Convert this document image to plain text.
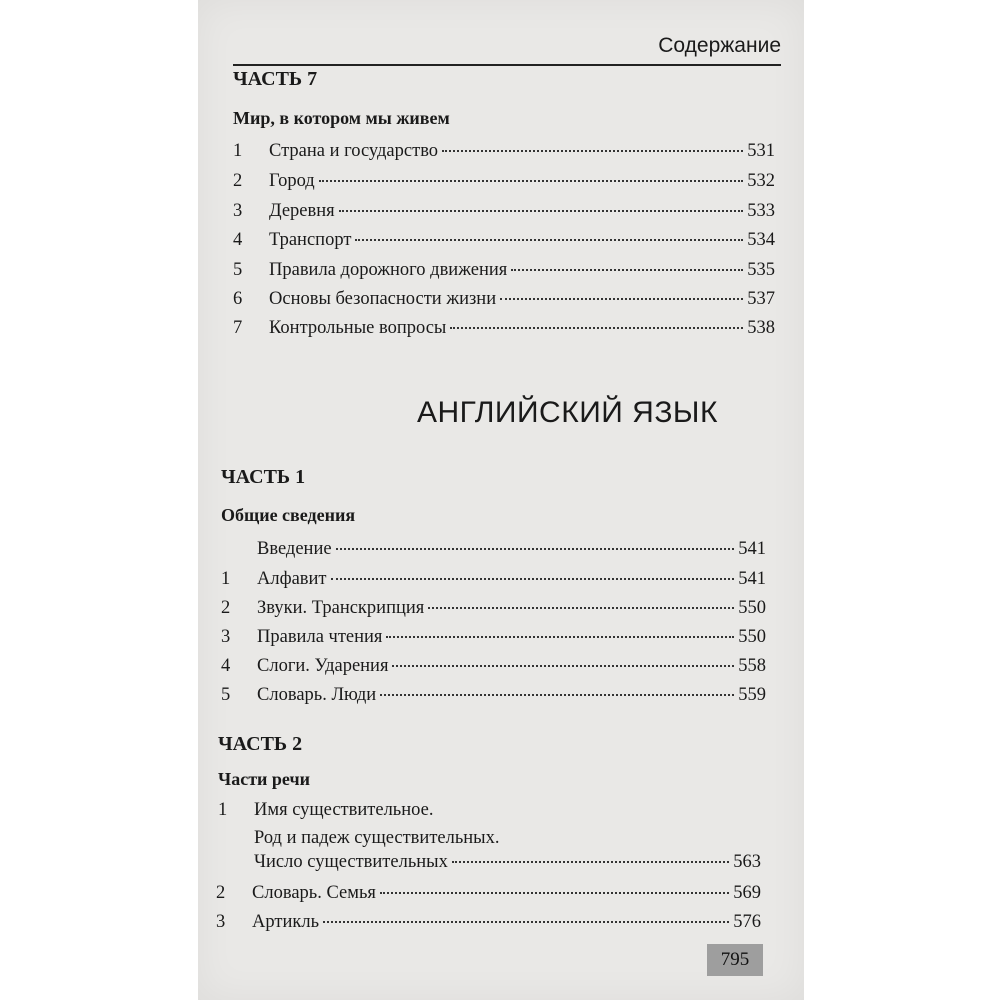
Содержание
ЧАСТЬ 7
Мир, в котором мы живем
1	Страна и государство	531
2	Город	532
3	Деревня	533
4	Транспорт	534
5	Правила дорожного движения	535
6	Основы безопасности жизни	537
7	Контрольные вопросы	538
АНГЛИЙСКИЙ ЯЗЫК
ЧАСТЬ 1
Общие сведения
Введение	541
1	Алфавит	541
2	Звуки. Транскрипция	550
3	Правила чтения	550
4	Слоги. Ударения	558
5	Словарь. Люди	559
ЧАСТЬ 2
Части речи
1 Имя существительное.
Род и падеж существительных.
Число существительных	563
2	Словарь. Семья	569
3	Артикль	576
795
